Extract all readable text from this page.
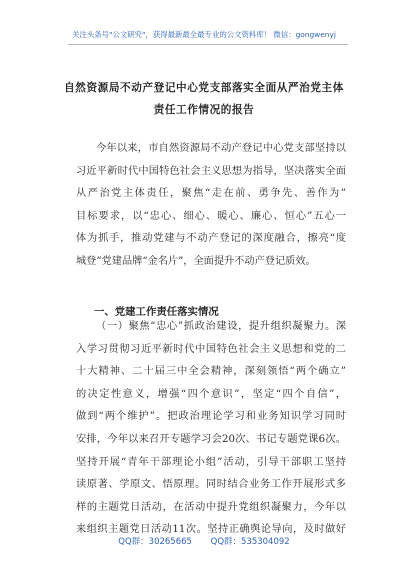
关注头条号"公文研究"，获得最新最全最专业的公文资料库！ 微信：gongwenyj
自然资源局不动产登记中心党支部落实全面从严治党主体
责任工作情况的报告
今年以来，市自然资源局不动产登记中心党支部坚持以
习近平新时代中国特色社会主义思想为指导，坚决落实全面
从严治党主体责任，聚焦“走在前、勇争先、善作为”
目标要求，以“忠心、细心、暖心、廉心、恒心”五心一
体为抓手，推动党建与不动产登记的深度融合，擦亮“度
城登”党建品牌“金名片”，全面提升不动产登记质效。
一、党建工作责任落实情况
（一）聚焦“忠心”抓政治建设，提升组织凝聚力。深
入学习贯彻习近平新时代中国特色社会主义思想和党的二
十大精神、二十届三中全会精神，深刻领悟“两个确立”
的决定性意义，增强“四个意识”，坚定“四个自信”，
做到“两个维护”。把政治理论学习和业务知识学习同时
安排，今年以来召开专题学习会20次、书记专题党课6次。
坚持开展“青年干部理论小组”活动，引导干部职工坚持
读原著、学原文、悟原理。同时结合业务工作开展形式多
样的主题党日活动，在活动中提升党组织凝聚力，今年以
来组织主题党日活动11次。坚持正确舆论导向，及时做好
QQ群：30265665 QQ群：535304092
